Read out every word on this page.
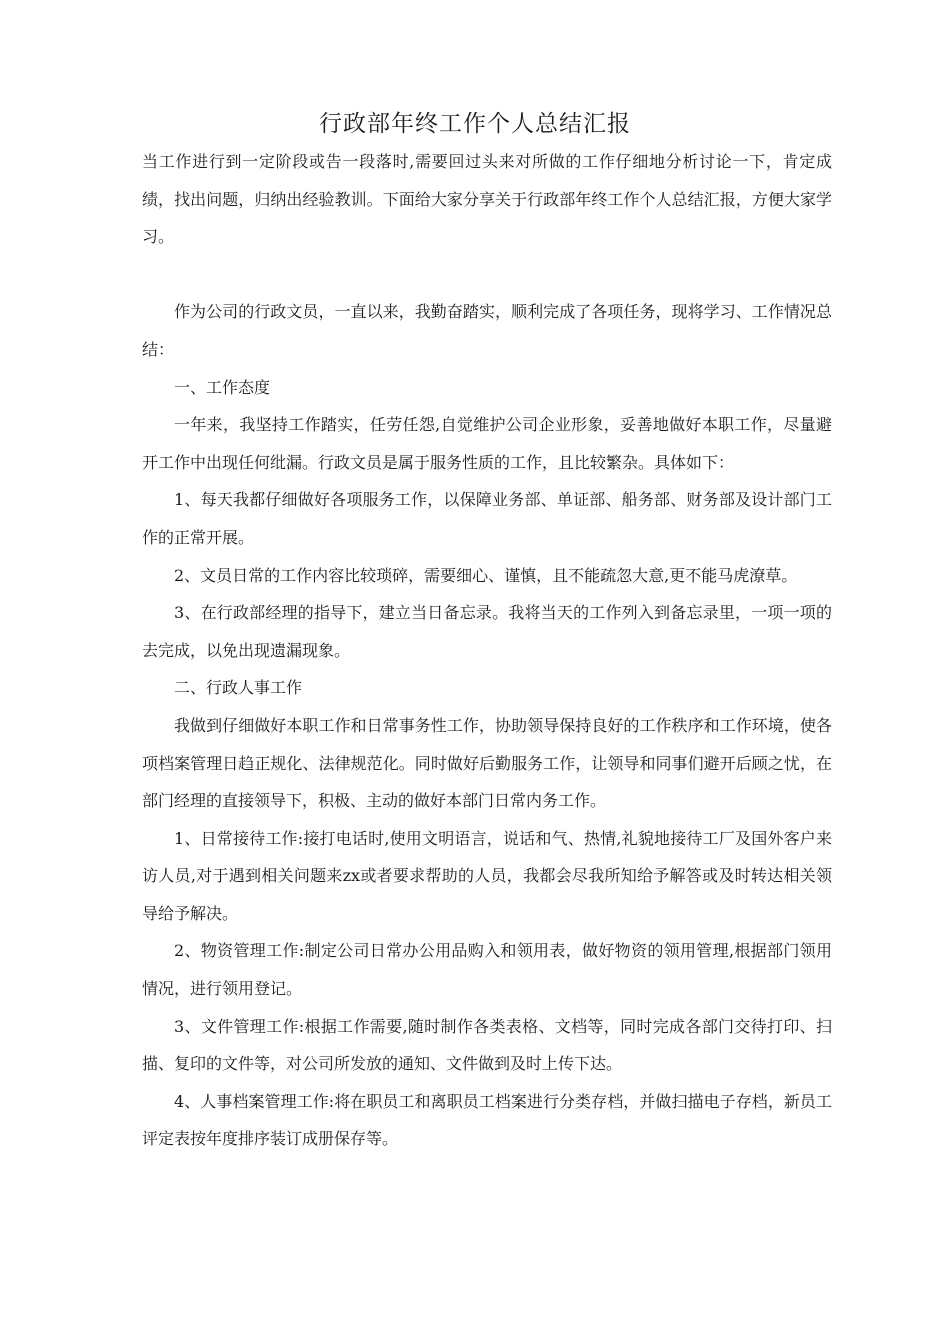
行政部年终工作个人总结汇报

当工作进行到一定阶段或告一段落时,需要回过头来对所做的工作仔细地分析讨论一下，肯定成绩，找出问题，归纳出经验教训。下面给大家分享关于行政部年终工作个人总结汇报，方便大家学习。

作为公司的行政文员，一直以来，我勤奋踏实，顺利完成了各项任务，现将学习、工作情况总结：

一、工作态度

一年来，我坚持工作踏实，任劳任怨,自觉维护公司企业形象，妥善地做好本职工作，尽量避开工作中出现任何纰漏。行政文员是属于服务性质的工作，且比较繁杂。具体如下：

1、每天我都仔细做好各项服务工作，以保障业务部、单证部、船务部、财务部及设计部门工作的正常开展。

2、文员日常的工作内容比较琐碎，需要细心、谨慎，且不能疏忽大意,更不能马虎潦草。

3、在行政部经理的指导下，建立当日备忘录。我将当天的工作列入到备忘录里，一项一项的去完成，以免出现遗漏现象。

二、行政人事工作

我做到仔细做好本职工作和日常事务性工作，协助领导保持良好的工作秩序和工作环境，使各项档案管理日趋正规化、法律规范化。同时做好后勤服务工作，让领导和同事们避开后顾之忧，在部门经理的直接领导下，积极、主动的做好本部门日常内务工作。

1、日常接待工作:接打电话时,使用文明语言，说话和气、热情,礼貌地接待工厂及国外客户来访人员,对于遇到相关问题来zx或者要求帮助的人员，我都会尽我所知给予解答或及时转达相关领导给予解决。

2、物资管理工作:制定公司日常办公用品购入和领用表，做好物资的领用管理,根据部门领用情况，进行领用登记。

3、文件管理工作:根据工作需要,随时制作各类表格、文档等，同时完成各部门交待打印、扫描、复印的文件等，对公司所发放的通知、文件做到及时上传下达。

4、人事档案管理工作:将在职员工和离职员工档案进行分类存档，并做扫描电子存档，新员工评定表按年度排序装订成册保存等。
